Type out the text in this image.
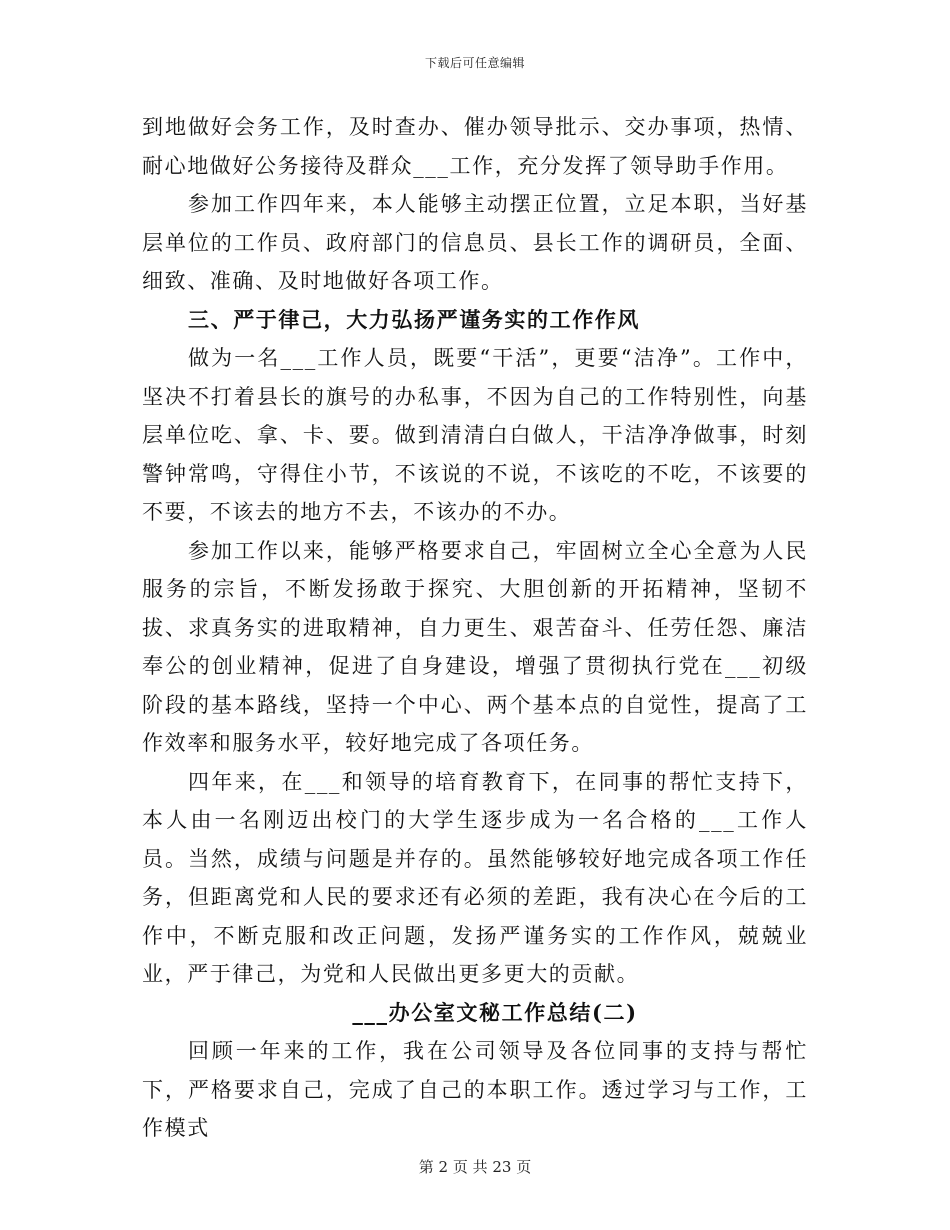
下载后可任意编辑

到地做好会务工作，及时查办、催办领导批示、交办事项，热情、耐心地做好公务接待及群众___工作，充分发挥了领导助手作用。

参加工作四年来，本人能够主动摆正位置，立足本职，当好基层单位的工作员、政府部门的信息员、县长工作的调研员，全面、细致、准确、及时地做好各项工作。

三、严于律己，大力弘扬严谨务实的工作作风

做为一名___工作人员，既要“干活”，更要“洁净”。工作中，坚决不打着县长的旗号的办私事，不因为自己的工作特别性，向基层单位吃、拿、卡、要。做到清清白白做人，干洁净净做事，时刻警钟常鸣，守得住小节，不该说的不说，不该吃的不吃，不该要的不要，不该去的地方不去，不该办的不办。

参加工作以来，能够严格要求自己，牢固树立全心全意为人民服务的宗旨，不断发扬敢于探究、大胆创新的开拓精神，坚韧不拔、求真务实的进取精神，自力更生、艰苦奋斗、任劳任怨、廉洁奉公的创业精神，促进了自身建设，增强了贯彻执行党在___初级阶段的基本路线，坚持一个中心、两个基本点的自觉性，提高了工作效率和服务水平，较好地完成了各项任务。

四年来，在___和领导的培育教育下，在同事的帮忙支持下，本人由一名刚迈出校门的大学生逐步成为一名合格的___工作人员。当然，成绩与问题是并存的。虽然能够较好地完成各项工作任务，但距离党和人民的要求还有必须的差距，我有决心在今后的工作中，不断克服和改正问题，发扬严谨务实的工作作风，兢兢业业，严于律己，为党和人民做出更多更大的贡献。

___办公室文秘工作总结(二)

回顾一年来的工作，我在公司领导及各位同事的支持与帮忙下，严格要求自己，完成了自己的本职工作。透过学习与工作，工作模式

第 2 页 共 23 页
